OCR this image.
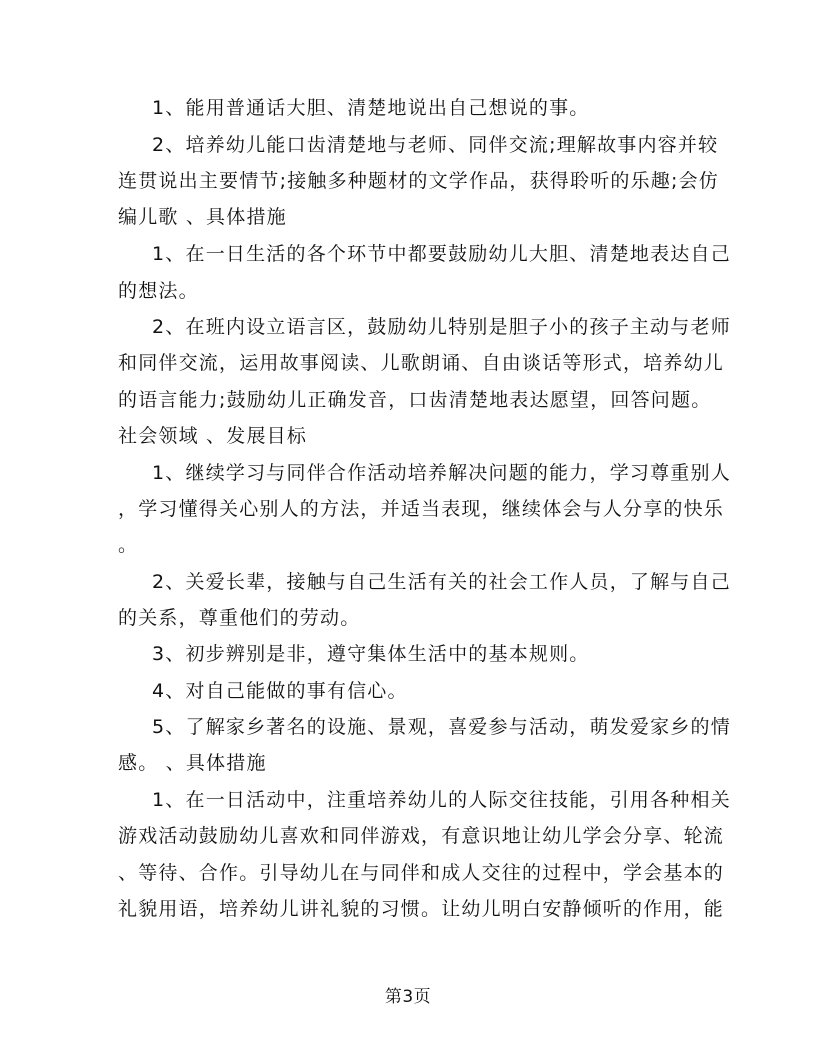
1、能用普通话大胆、清楚地说出自己想说的事。
2、培养幼儿能口齿清楚地与老师、同伴交流;理解故事内容并较
连贯说出主要情节;接触多种题材的文学作品，获得聆听的乐趣;会仿
编儿歌 、具体措施
1、在一日生活的各个环节中都要鼓励幼儿大胆、清楚地表达自己
的想法。
2、在班内设立语言区，鼓励幼儿特别是胆子小的孩子主动与老师
和同伴交流，运用故事阅读、儿歌朗诵、自由谈话等形式，培养幼儿
的语言能力;鼓励幼儿正确发音，口齿清楚地表达愿望，回答问题。
社会领域 、发展目标
1、继续学习与同伴合作活动培养解决问题的能力，学习尊重别人
，学习懂得关心别人的方法，并适当表现，继续体会与人分享的快乐
。
2、关爱长辈，接触与自己生活有关的社会工作人员，了解与自己
的关系，尊重他们的劳动。
3、初步辨别是非，遵守集体生活中的基本规则。
4、对自己能做的事有信心。
5、了解家乡著名的设施、景观，喜爱参与活动，萌发爱家乡的情
感。 、具体措施
1、在一日活动中，注重培养幼儿的人际交往技能，引用各种相关
游戏活动鼓励幼儿喜欢和同伴游戏，有意识地让幼儿学会分享、轮流
、等待、合作。引导幼儿在与同伴和成人交往的过程中，学会基本的
礼貌用语，培养幼儿讲礼貌的习惯。让幼儿明白安静倾听的作用，能
第3页
